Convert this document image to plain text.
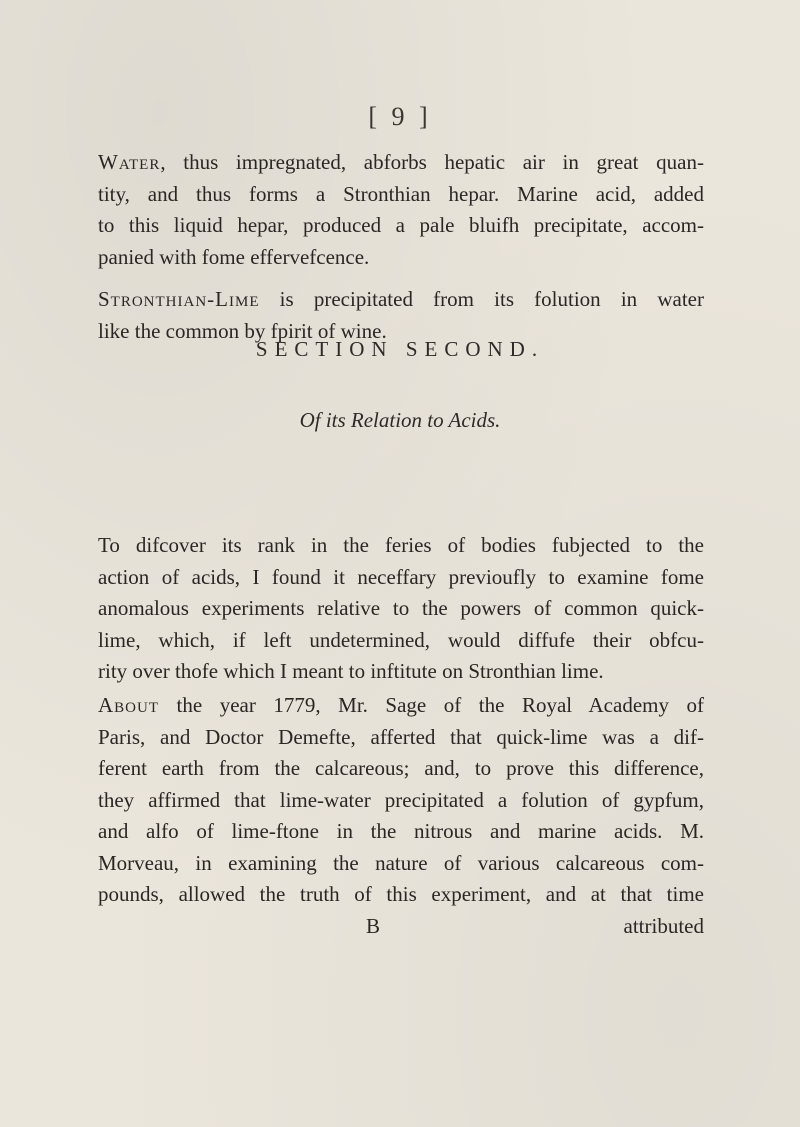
[ 9 ]
Water, thus impregnated, abforbs hepatic air in great quan-
tity, and thus forms a Stronthian hepar. Marine acid, added
to this liquid hepar, produced a pale bluifh precipitate, accom-
panied with fome effervefcence.
Stronthian-Lime is precipitated from its folution in water
like the common by fpirit of wine.
SECTION SECOND.
Of its Relation to Acids.
To difcover its rank in the feries of bodies fubjected to the
action of acids, I found it neceffary previoufly to examine fome
anomalous experiments relative to the powers of common quick-
lime, which, if left undetermined, would diffufe their obfcu-
rity over thofe which I meant to inftitute on Stronthian lime.
About the year 1779, Mr. Sage of the Royal Academy of
Paris, and Doctor Demefte, afferted that quick-lime was a dif-
ferent earth from the calcareous; and, to prove this difference,
they affirmed that lime-water precipitated a folution of gypfum,
and alfo of lime-ftone in the nitrous and marine acids. M.
Morveau, in examining the nature of various calcareous com-
pounds, allowed the truth of this experiment, and at that time
B	attributed
